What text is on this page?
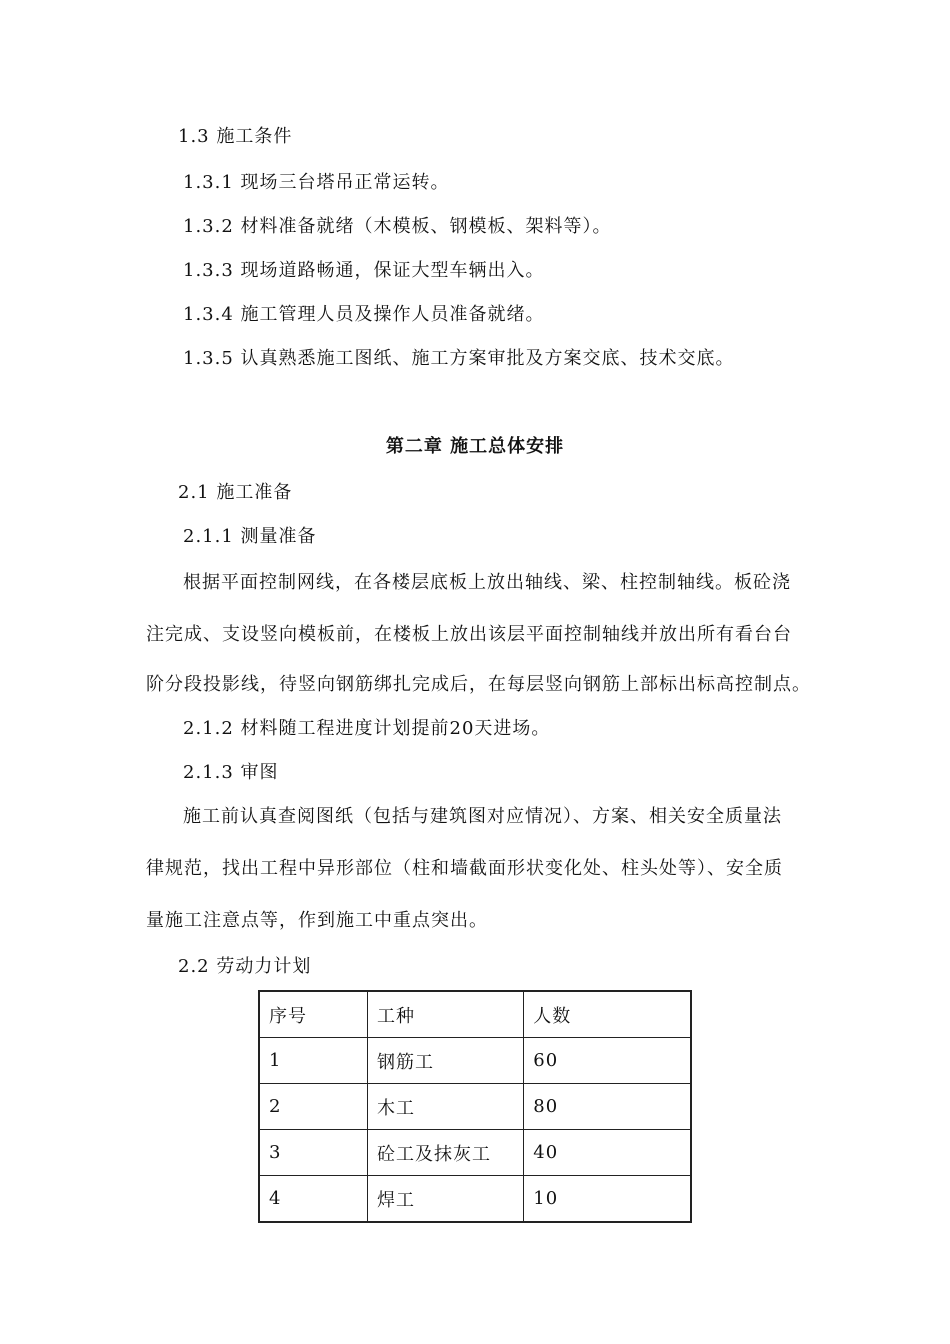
1.3 施工条件
1.3.1 现场三台塔吊正常运转。
1.3.2 材料准备就绪（木模板、钢模板、架料等）。
1.3.3 现场道路畅通，保证大型车辆出入。
1.3.4 施工管理人员及操作人员准备就绪。
1.3.5 认真熟悉施工图纸、施工方案审批及方案交底、技术交底。
第二章 施工总体安排
2.1 施工准备
2.1.1 测量准备
根据平面控制网线，在各楼层底板上放出轴线、梁、柱控制轴线。板砼浇
注完成、支设竖向模板前，在楼板上放出该层平面控制轴线并放出所有看台台
阶分段投影线，待竖向钢筋绑扎完成后，在每层竖向钢筋上部标出标高控制点。
2.1.2 材料随工程进度计划提前20天进场。
2.1.3 审图
施工前认真查阅图纸（包括与建筑图对应情况）、方案、相关安全质量法
律规范，找出工程中异形部位（柱和墙截面形状变化处、柱头处等）、安全质
量施工注意点等，作到施工中重点突出。
2.2 劳动力计划
序号	工种	人数
1	钢筋工	60
2	木工	80
3	砼工及抹灰工	40
4	焊工	10
